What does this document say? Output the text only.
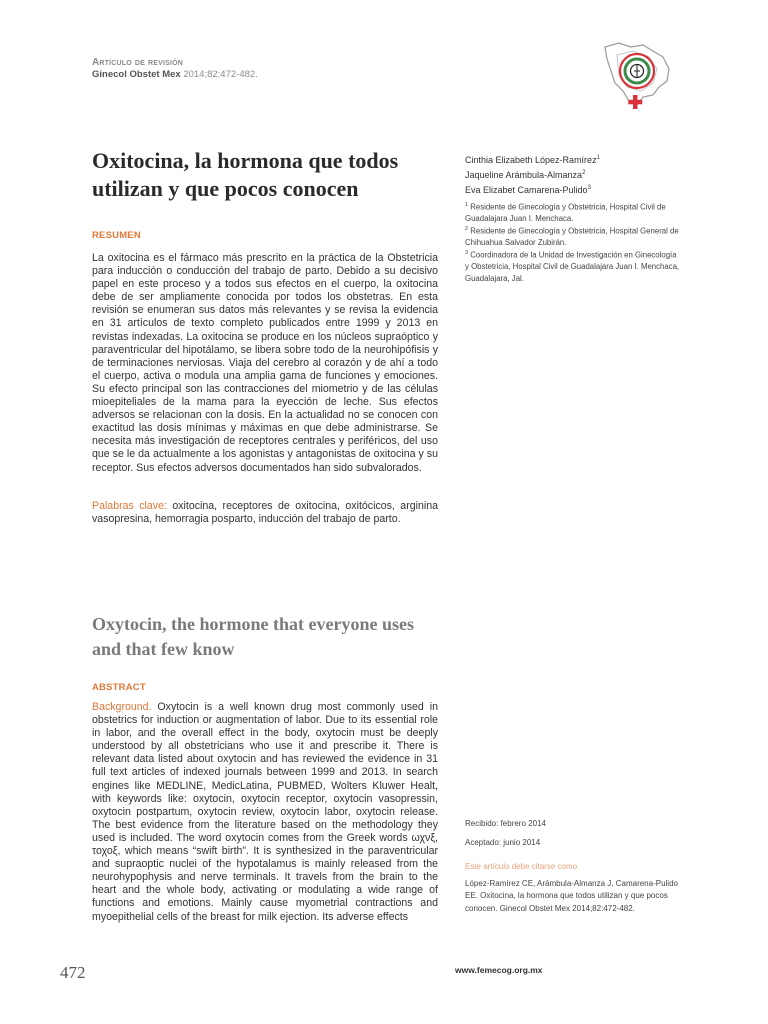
Artículo de revisión
Ginecol Obstet Mex 2014;82:472-482.
Oxitocina, la hormona que todos utilizan y que pocos conocen
RESUMEN

La oxitocina es el fármaco más prescrito en la práctica de la Obstetricia para inducción o conducción del trabajo de parto. Debido a su decisivo papel en este proceso y a todos sus efectos en el cuerpo, la oxitocina debe de ser ampliamente conocida por todos los obstetras. En esta revisión se enumeran sus datos más relevantes y se revisa la evidencia en 31 artículos de texto completo publicados entre 1999 y 2013 en revistas indexadas. La oxitocina se produce en los núcleos supraóptico y paraventricular del hipotálamo, se libera sobre todo de la neurohipófisis y de terminaciones nerviosas. Viaja del cerebro al corazón y de ahí a todo el cuerpo, activa o modula una amplia gama de funciones y emociones. Su efecto principal son las contracciones del miometrio y de las células mioepiteliales de la mama para la eyección de leche. Sus efectos adversos se relacionan con la dosis. En la actualidad no se conocen con exactitud las dosis mínimas y máximas en que debe administrarse. Se necesita más investigación de receptores centrales y periféricos, del uso que se le da actualmente a los agonistas y antagonistas de oxitocina y su receptor. Sus efectos adversos documentados han sido subvalorados.

Palabras clave: oxitocina, receptores de oxitocina, oxitócicos, arginina vasopresina, hemorragia posparto, inducción del trabajo de parto.

Oxytocin, the hormone that everyone uses and that few know
ABSTRACT

Background. Oxytocin is a well known drug most commonly used in obstetrics for induction or augmentation of labor. Due to its essential role in labor, and the overall effect in the body, oxytocin must be deeply understood by all obstetricians who use it and prescribe it. There is relevant data listed about oxytocin and has reviewed the evidence in 31 full text articles of indexed journals between 1999 and 2013. In search engines like MEDLINE, MedicLatina, PUBMED, Wolters Kluwer Healt, with keywords like: oxytocin, oxytocin receptor, oxytocin vasopressin, oxytocin postpartum, oxytocin review, oxytocin labor, oxytocin release. The best evidence from the literature based on the methodology they used is included. The word oxytocin comes from the Greek words ωχνξ, τοχοξ, which means “swift birth”. It is synthesized in the paraventricular and supraoptic nuclei of the hypotalamus is mainly released from the neurohypophysis and nerve terminals. It travels from the brain to the heart and the whole body, activating or modulating a wide range of functions and emotions. Mainly cause myometrial contractions and myoepithelial cells of the breast for milk ejection. Its adverse effects

Cinthia Elizabeth López-Ramírez$^1$
Jaqueline Arámbula-Almanza$^2$
Eva Elizabet Camarena-Pulido$^3$

$^1$ Residente de Ginecología y Obstetricia, Hospital Civil de Guadalajara Juan I. Menchaca.

$^2$ Residente de Ginecología y Obstetricia, Hospital General de Chihuahua Salvador Zubirán.

$^3$ Coordinadora de la Unidad de Investigación en Ginecología y Obstetricia, Hospital Civil de Guadalajara Juan I. Menchaca, Guadalajara, Jal.

Recibido: febrero 2014

Aceptado: junio 2014

Este artículo debe citarse como

López-Ramírez CE, Arámbula-Almanza J, Camarena-Pulido EE. Oxitocina, la hormona que todos utilizan y que pocos conocen. Ginecol Obstet Mex 2014;82:472-482.

472	www.femecog.org.mx
